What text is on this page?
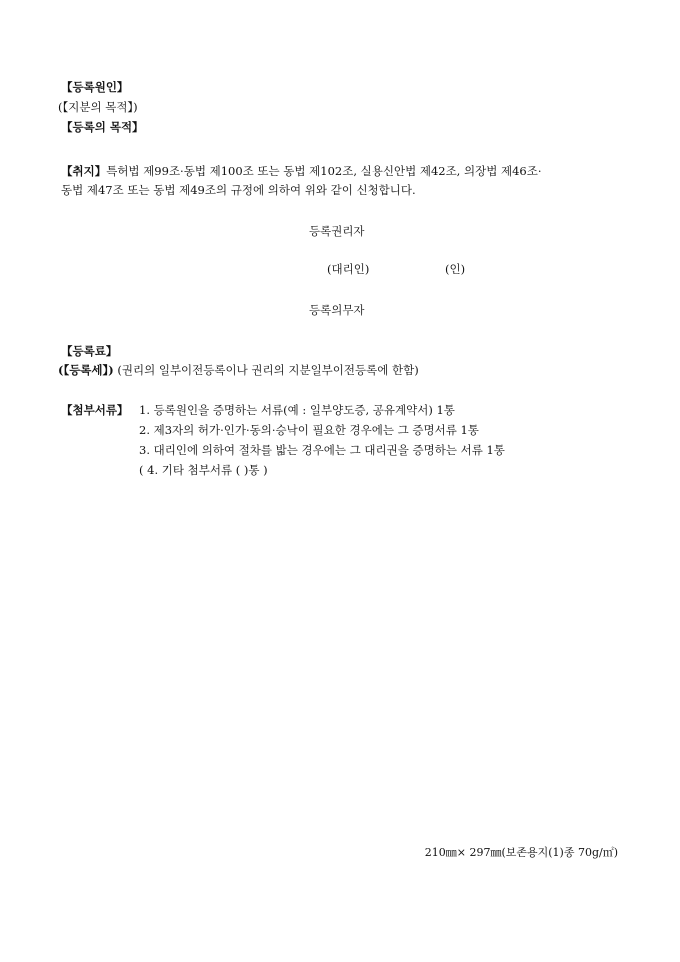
【등록원인】
(【지분의 목적】)
【등록의 목적】
【취지】특허법 제99조·동법 제100조 또는 동법 제102조, 실용신안법 제42조, 의장법 제46조·
동법 제47조 또는 동법 제49조의 규정에 의하여 위와 같이 신청합니다.
등록권리자
(대리인)	(인)
등록의무자
【등록료】
(【등록세】) (권리의 일부이전등록이나 권리의 지분일부이전등록에 한함)
【첨부서류】 1. 등록원인을 증명하는 서류(예 : 일부양도증, 공유계약서) 1통
2. 제3자의 허가·인가·동의·승낙이 필요한 경우에는 그 증명서류 1통
3. 대리인에 의하여 절차를 밟는 경우에는 그 대리권을 증명하는 서류 1통
( 4. 기타 첨부서류 ( )통 )
210㎜× 297㎜(보존용지(1)종 70g/㎡)
